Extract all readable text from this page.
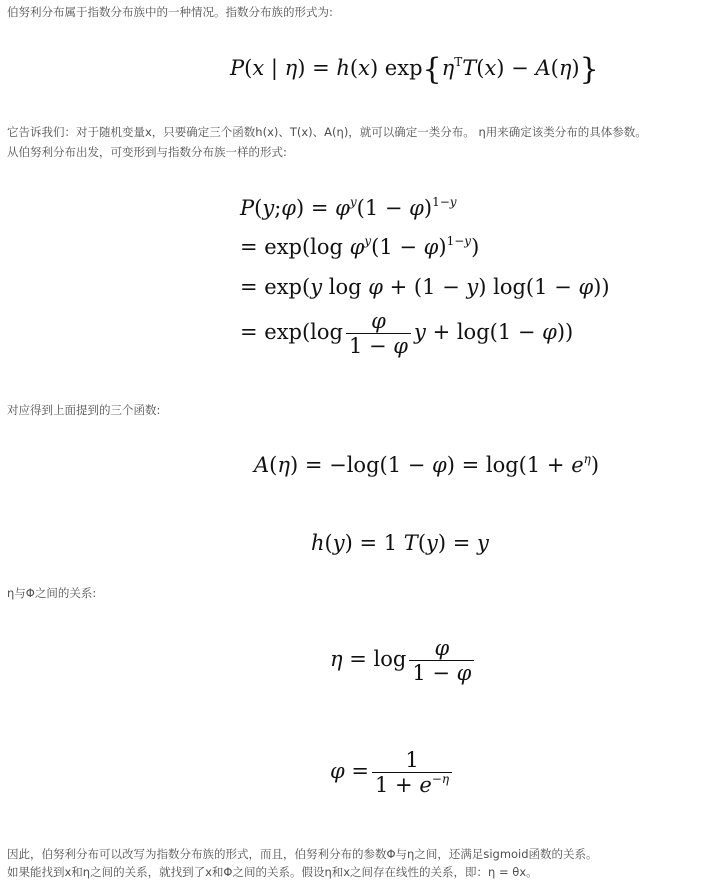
伯努利分布属于指数分布族中的一种情况。指数分布族的形式为:
P(x | η) = h(x) $\exp\{\eta^TT(x) - A(\eta)\}$
它告诉我们：对于随机变量x，只要确定三个函数h(x)、T(x)、A(η)，就可以确定一类分布。 η用来确定该类分布的具体参数。
从伯努利分布出发，可变形到与指数分布族一样的形式:
P(y;φ) = $\varphi^y(1 - \varphi)^{1-y}$
= exp(log $\varphi^y(1 - \varphi)^{1-y}$)
= exp(y log φ + (1 − y) log(1 − φ))
= $\exp(\log \frac{\varphi}{1 - \varphi}$ y + log(1 − φ))
对应得到上面提到的三个函数:
$A(\eta) = -\log(1 - \varphi) = \log(1 + e^\eta)$
h(y) = 1 T(y) = y
η与Φ之间的关系:
$\eta = \log \frac{\varphi}{1 - \varphi}$
$\varphi = \frac{1}{1 + e^{-\eta}}$
因此，伯努利分布可以改写为指数分布族的形式，而且，伯努利分布的参数Φ与η之间，还满足sigmoid函数的关系。
如果能找到x和η之间的关系，就找到了x和Φ之间的关系。假设η和x之间存在线性的关系，即：η = θx。
